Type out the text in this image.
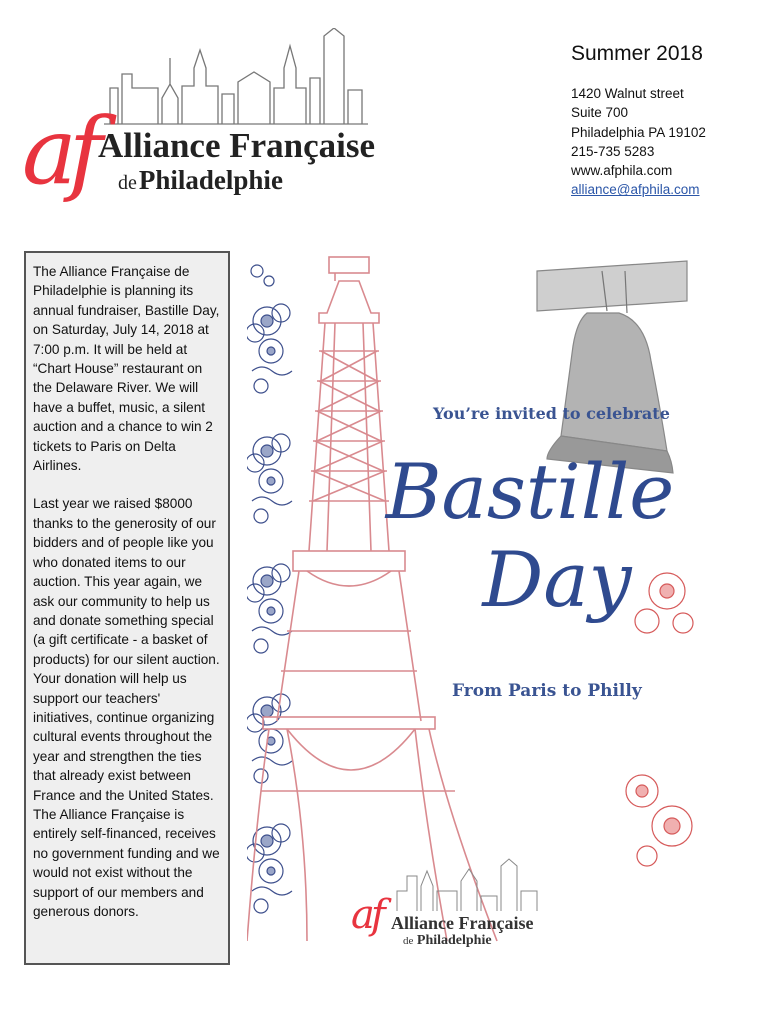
af Alliance Française
dePhiladelphie
Summer 2018
1420 Walnut street
Suite 700
Philadelphia PA 19102
215-735 5283
www.afphila.com
alliance@afphila.com

The Alliance Française de Philadelphie is planning its annual fundraiser, Bastille Day, on Saturday, July 14, 2018 at 7:00 p.m. It will be held at “Chart House” restaurant on the Delaware River. We will have a buffet, music, a silent auction and a chance to win 2 tickets to Paris on Delta Airlines.

Last year we raised $8000 thanks to the generosity of our bidders and of people like you who donated items to our auction. This year again, we ask our community to help us and donate something special (a gift certificate - a basket of products) for our silent auction. Your donation will help us support our teachers' initiatives, continue organizing cultural events throughout the year and strengthen the ties that already exist between France and the United States. The Alliance Française is entirely self-financed, receives no government funding and we would not exist without the support of our members and generous donors.

You’re invited to celebrate
Bastille
Day
From Paris to Philly
af Alliance Française
de Philadelphie
